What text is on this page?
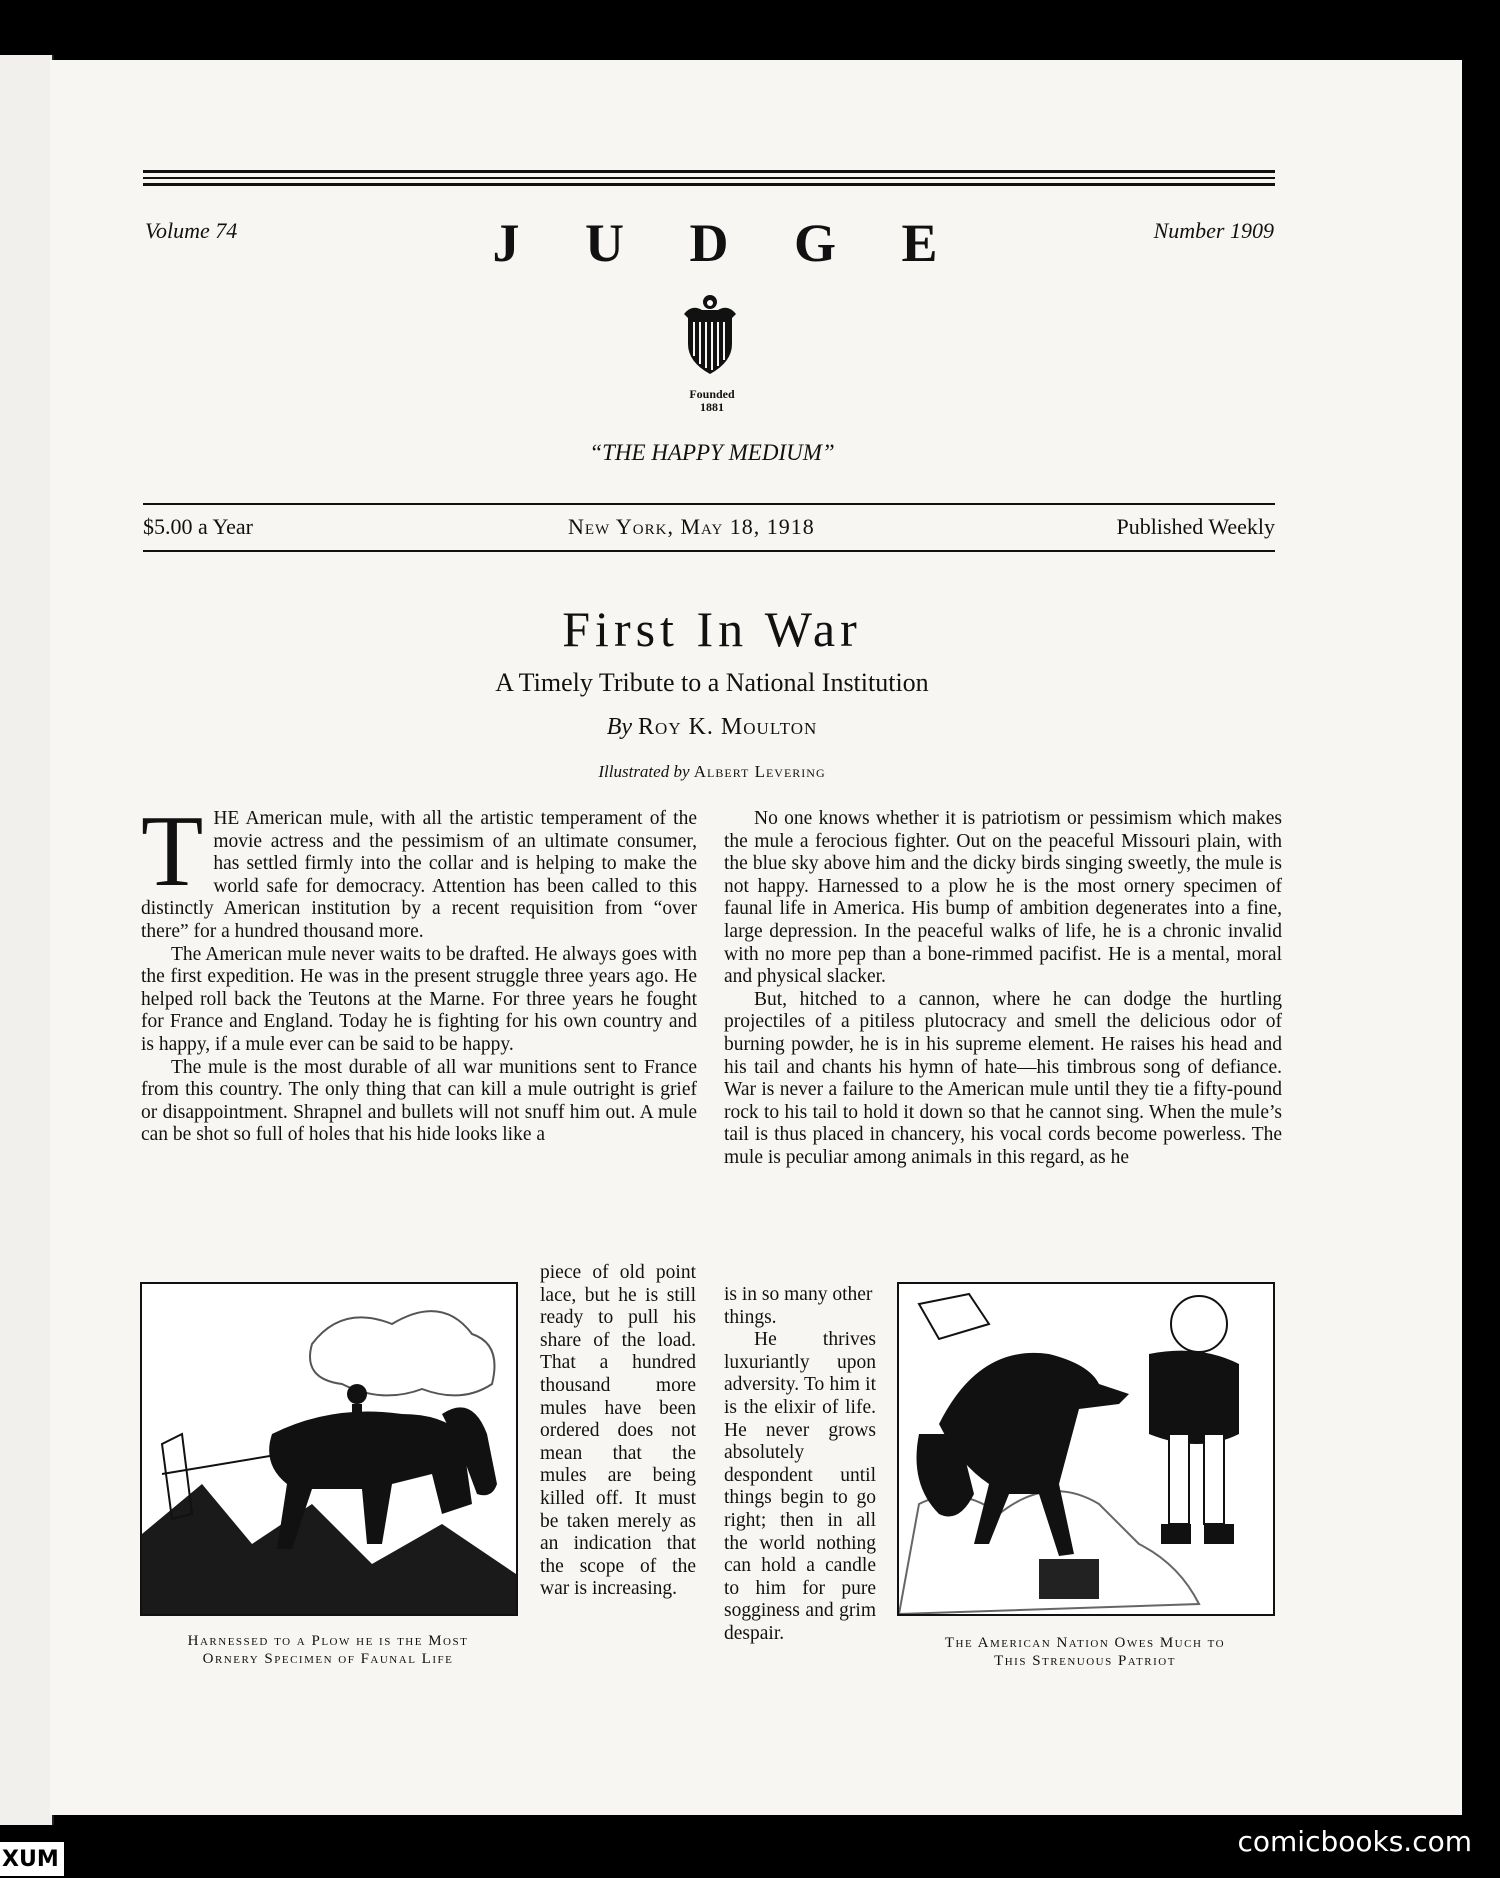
Volume 74	J U D G E	Number 1909
Founded
1881
“THE HAPPY MEDIUM”
$5.00 a Year	New York, May 18, 1918	Published Weekly
First In War
A Timely Tribute to a National Institution
By Roy K. Moulton
Illustrated by Albert Levering

THE American mule, with all the artistic temperament of the movie actress and the pessimism of an ultimate consumer, has settled firmly into the collar and is helping to make the world safe for democracy. Attention has been called to this distinctly American institution by a recent requisition from “over there” for a hundred thousand more.

The American mule never waits to be drafted. He always goes with the first expedition. He was in the present struggle three years ago. He helped roll back the Teutons at the Marne. For three years he fought for France and England. Today he is fighting for his own country and is happy, if a mule ever can be said to be happy.

The mule is the most durable of all war munitions sent to France from this country. The only thing that can kill a mule outright is grief or disappointment. Shrapnel and bullets will not snuff him out. A mule can be shot so full of holes that his hide looks like a

Harnessed to a Plow he is the Most
Ornery Specimen of Faunal Life
piece of old point lace, but he is still ready to pull his share of the load. That a hundred thousand more mules have been ordered does not mean that the mules are being killed off. It must be taken merely as an indication that the scope of the war is increasing.

No one knows whether it is patriotism or pessimism which makes the mule a ferocious fighter. Out on the peaceful Missouri plain, with the blue sky above him and the dicky birds singing sweetly, the mule is not happy. Harnessed to a plow he is the most ornery specimen of faunal life in America. His bump of ambition degenerates into a fine, large depression. In the peaceful walks of life, he is a chronic invalid with no more pep than a bone-rimmed pacifist. He is a mental, moral and physical slacker.

But, hitched to a cannon, where he can dodge the hurtling projectiles of a pitiless plutocracy and smell the delicious odor of burning powder, he is in his supreme element. He raises his head and his tail and chants his hymn of hate—his timbrous song of defiance. War is never a failure to the American mule until they tie a fifty-pound rock to his tail to hold it down so that he cannot sing. When the mule’s tail is thus placed in chancery, his vocal cords become powerless. The mule is peculiar among animals in this regard, as he

is in so many other things.
He thrives luxuriantly upon adversity. To him it is the elixir of life. He never grows absolutely despondent until things begin to go right; then in all the world nothing can hold a candle to him for pure sogginess and grim despair.	The American Nation Owes Much to
This Strenuous Patriot
comicbooks.com
XUM
